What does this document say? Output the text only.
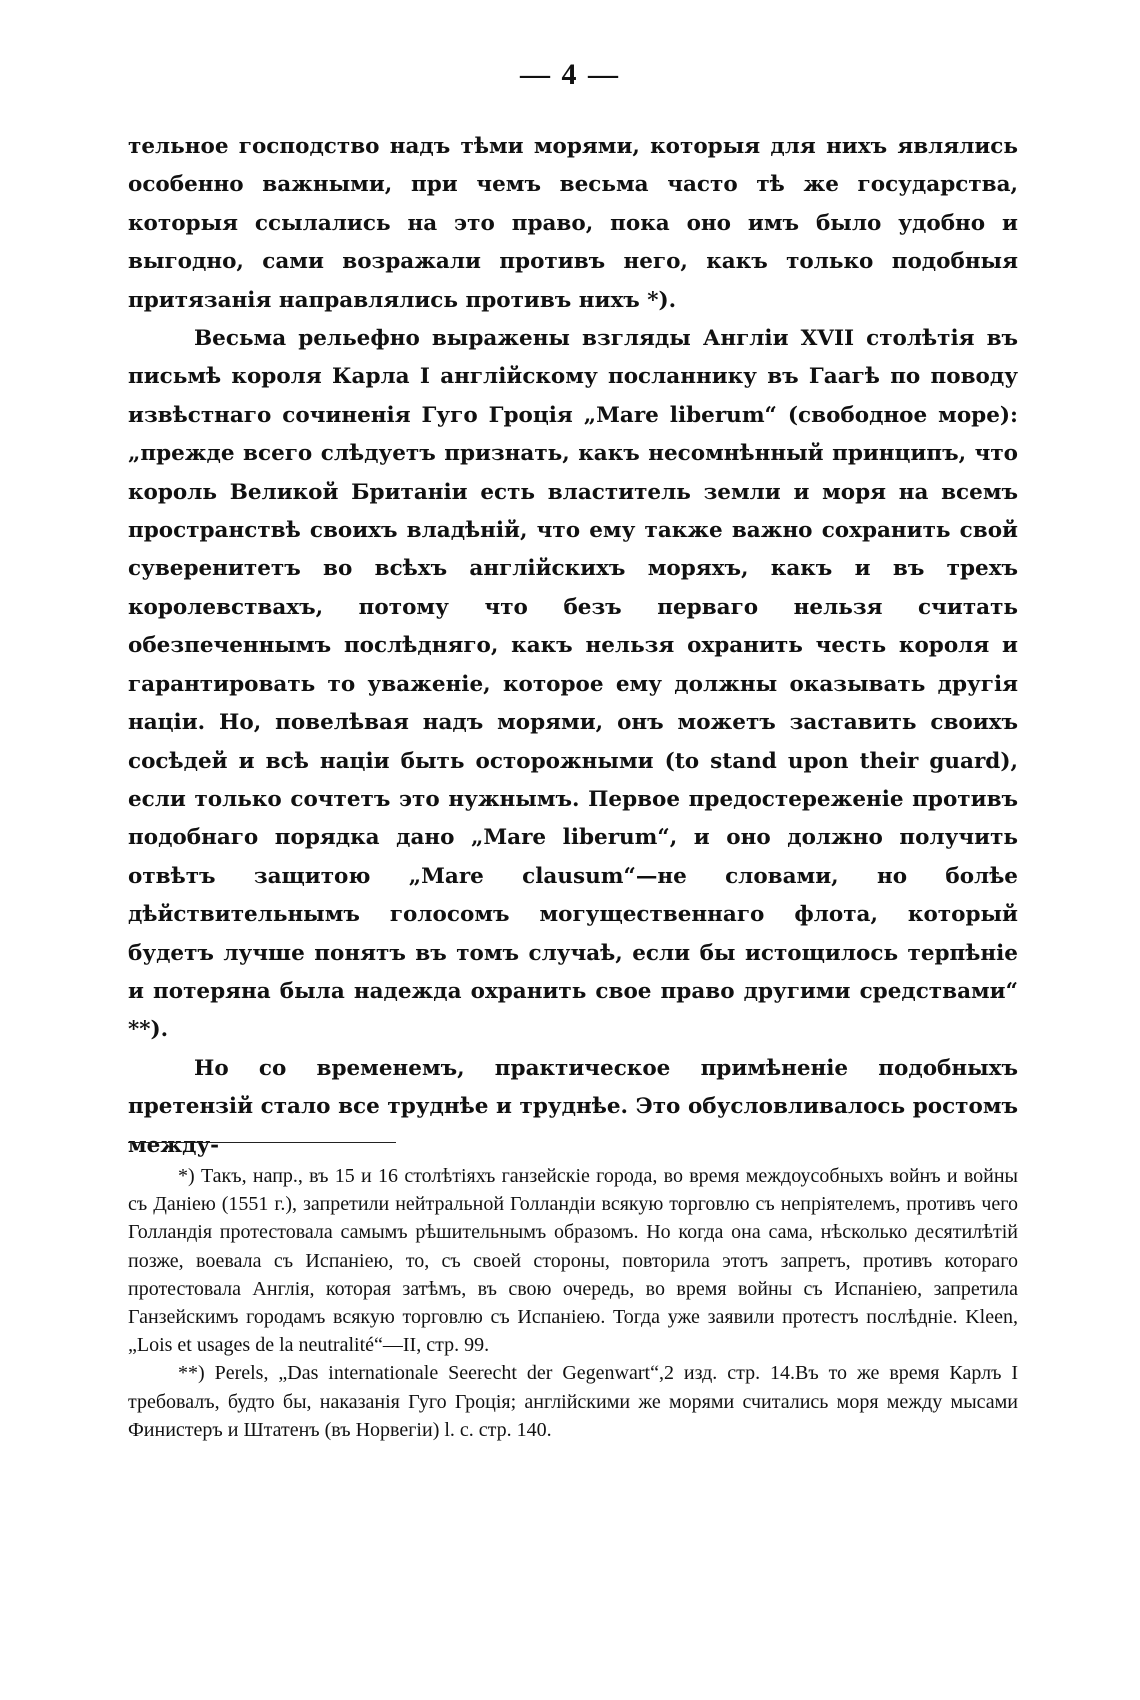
— 4 —

тельное господство надъ тѣми морями, которыя для нихъ являлись особенно важными, при чемъ весьма часто тѣ же государства, которыя ссылались на это право, пока оно имъ было удобно и выгодно, сами возражали противъ него, какъ только подобныя притязанія направлялись противъ нихъ *).

Весьма рельефно выражены взгляды Англіи XVII столѣтія въ письмѣ короля Карла I англійскому посланнику въ Гаагѣ по поводу извѣстнаго сочиненія Гуго Гроція „Mare liberum“ (свободное море): „прежде всего слѣдуетъ признать, какъ несомнѣнный принципъ, что король Великой Британіи есть властитель земли и моря на всемъ пространствѣ своихъ владѣній, что ему также важно сохранить свой суверенитетъ во всѣхъ англійскихъ моряхъ, какъ и въ трехъ королевствахъ, потому что безъ перваго нельзя считать обезпеченнымъ послѣдняго, какъ нельзя охранить честь короля и гарантировать то уваженіе, которое ему должны оказывать другія націи. Но, повелѣвая надъ морями, онъ можетъ заставить своихъ сосѣдей и всѣ націи быть осторожными (to stand upon their guard), если только сочтетъ это нужнымъ. Первое предостереженіе противъ подобнаго порядка дано „Mare liberum“, и оно должно получить отвѣтъ защитою „Mare clausum“—не словами, но болѣе дѣйствительнымъ голосомъ могущественнаго флота, который будетъ лучше понятъ въ томъ случаѣ, если бы истощилось терпѣніе и потеряна была надежда охранить свое право другими средствами“ **).

Но со временемъ, практическое примѣненіе подобныхъ претензій стало все труднѣе и труднѣе. Это обусловливалось ростомъ между-

*) Такъ, напр., въ 15 и 16 столѣтіяхъ ганзейскіе города, во время междоусобныхъ войнъ и войны съ Даніею (1551 г.), запретили нейтральной Голландіи всякую торговлю съ непріятелемъ, противъ чего Голландія протестовала самымъ рѣшительнымъ образомъ. Но когда она сама, нѣсколько десятилѣтій позже, воевала съ Испаніею, то, съ своей стороны, повторила этотъ запретъ, противъ котораго протестовала Англія, которая затѣмъ, въ свою очередь, во время войны съ Испаніею, запретила Ганзейскимъ городамъ всякую торговлю съ Испаніею. Тогда уже заявили протестъ послѣдніе. Kleen, „Lois et usages de la neutralité“—II, стр. 99.

**) Perels, „Das internationale Seerecht der Gegenwart“,2 изд. стр. 14.Въ то же время Карлъ I требовалъ, будто бы, наказанія Гуго Гроція; англійскими же морями считались моря между мысами Финистеръ и Штатенъ (въ Норвегіи) l. c. стр. 140.
